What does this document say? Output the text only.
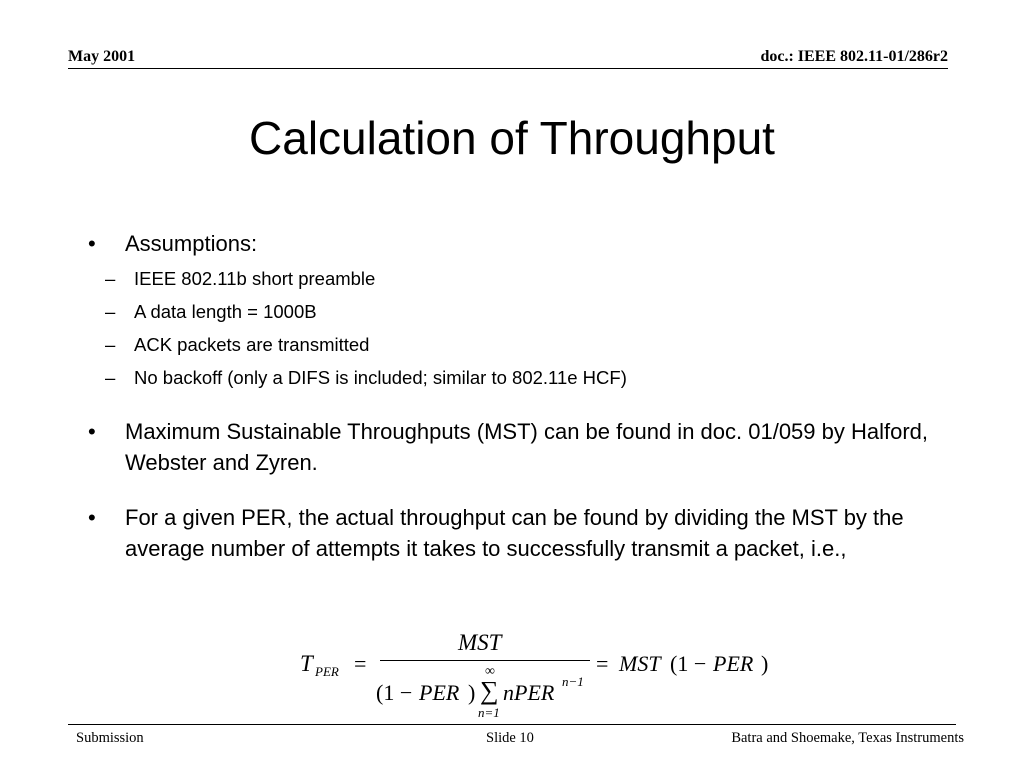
May 2001	doc.: IEEE 802.11-01/286r2
Calculation of Throughput
• Assumptions:
– IEEE 802.11b short preamble
– A data length = 1000B
– ACK packets are transmitted
– No backoff (only a DIFS is included; similar to 802.11e HCF)
• Maximum Sustainable Throughputs (MST) can be found in doc. 01/059 by Halford, Webster and Zyren.
• For a given PER, the actual throughput can be found by dividing the MST by the average number of attempts it takes to successfully transmit a packet, i.e.,
T PER =
MST
∞
(1 − PER ) ∑
n=1
nPER n−1
= MST (1 − PER )
Submission	Slide 10	Batra and Shoemake, Texas Instruments
